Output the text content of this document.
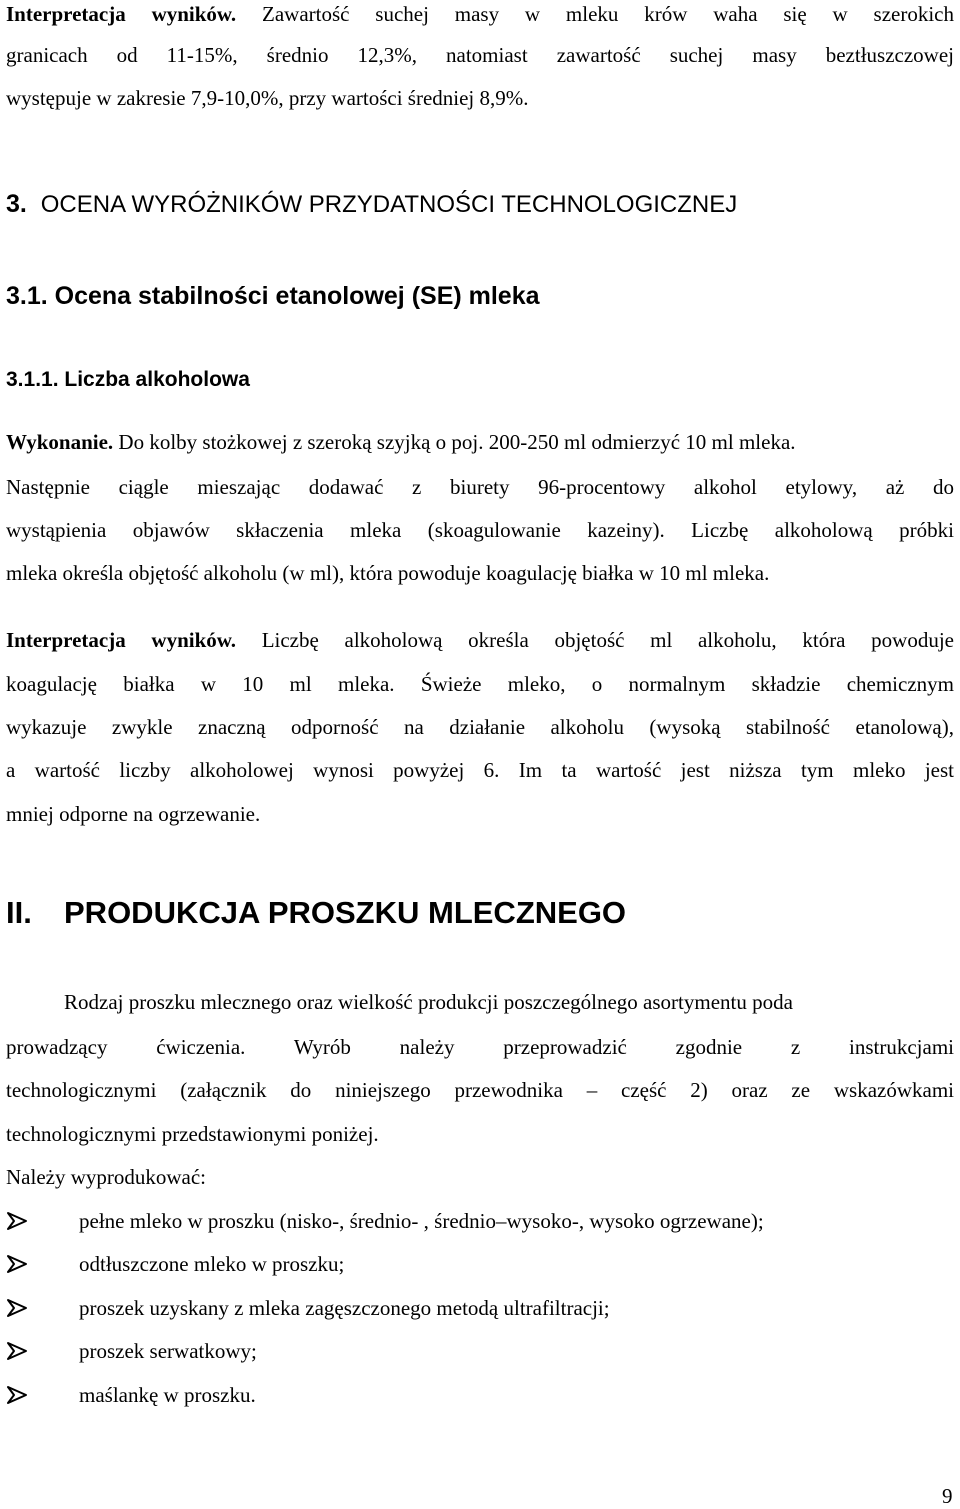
Interpretacja wyników. Zawartość suchej masy w mleku krów waha się w szerokich

granicach od 11-15%, średnio 12,3%, natomiast zawartość suchej masy beztłuszczowej

występuje w zakresie 7,9-10,0%, przy wartości średniej 8,9%.

3. OCENA WYRÓŻNIKÓW PRZYDATNOŚCI TECHNOLOGICZNEJ

3.1. Ocena stabilności etanolowej (SE) mleka

3.1.1. Liczba alkoholowa

Wykonanie. Do kolby stożkowej z szeroką szyjką o poj. 200-250 ml odmierzyć 10 ml mleka.

Następnie ciągle mieszając dodawać z biurety 96-procentowy alkohol etylowy, aż do

wystąpienia objawów skłaczenia mleka (skoagulowanie kazeiny). Liczbę alkoholową próbki

mleka określa objętość alkoholu (w ml), która powoduje koagulację białka w 10 ml mleka.

Interpretacja wyników. Liczbę alkoholową określa objętość ml alkoholu, która powoduje

koagulację białka w 10 ml mleka. Świeże mleko, o normalnym składzie chemicznym

wykazuje zwykle znaczną odporność na działanie alkoholu (wysoką stabilność etanolową),

a wartość liczby alkoholowej wynosi powyżej 6. Im ta wartość jest niższa tym mleko jest

mniej odporne na ogrzewanie.

II. PRODUKCJA PROSZKU MLECZNEGO

Rodzaj proszku mlecznego oraz wielkość produkcji poszczególnego asortymentu poda

prowadzący ćwiczenia. Wyrób należy przeprowadzić zgodnie z instrukcjami

technologicznymi (załącznik do niniejszego przewodnika – część 2) oraz ze wskazówkami

technologicznymi przedstawionymi poniżej.

Należy wyprodukować:

pełne mleko w proszku (nisko-, średnio- , średnio–wysoko-, wysoko ogrzewane);

odtłuszczone mleko w proszku;

proszek uzyskany z mleka zagęszczonego metodą ultrafiltracji;

proszek serwatkowy;

maślankę w proszku.

9
